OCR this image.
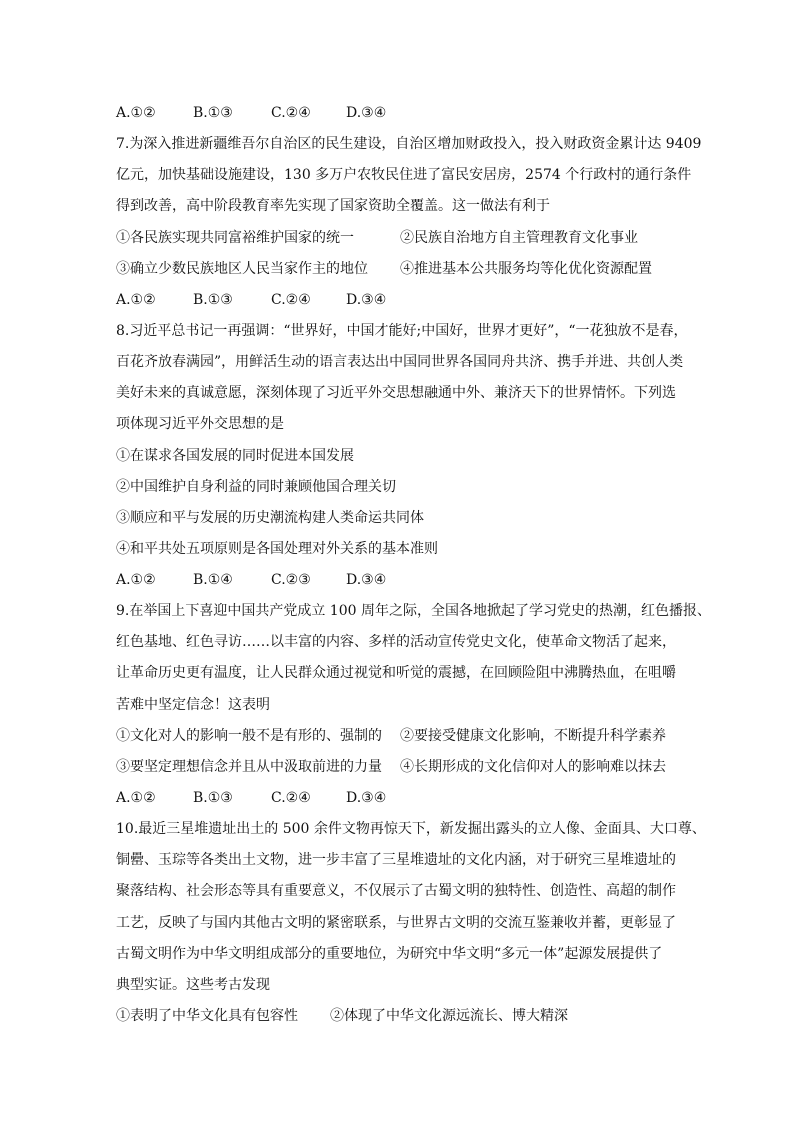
A.①②	B.①③	C.②④	D.③④
7.为深入推进新疆维吾尔自治区的民生建设，自治区增加财政投入，投入财政资金累计达 9409
亿元，加快基础设施建设，130 多万户农牧民住进了富民安居房，2574 个行政村的通行条件
得到改善，高中阶段教育率先实现了国家资助全覆盖。这一做法有利于
①各民族实现共同富裕维护国家的统一	②民族自治地方自主管理教育文化事业
③确立少数民族地区人民当家作主的地位 ④推进基本公共服务均等化优化资源配置
A.①②	B.①③	C.②④	D.③④
8.习近平总书记一再强调：“世界好，中国才能好;中国好，世界才更好”，“一花独放不是春，
百花齐放春满园”，用鲜活生动的语言表达出中国同世界各国同舟共济、携手并进、共创人类
美好未来的真诚意愿，深刻体现了习近平外交思想融通中外、兼济天下的世界情怀。下列选
项体现习近平外交思想的是
①在谋求各国发展的同时促进本国发展
②中国维护自身利益的同时兼顾他国合理关切
③顺应和平与发展的历史潮流构建人类命运共同体
④和平共处五项原则是各国处理对外关系的基本准则
A.①②	B.①④	C.②③	D.③④
9.在举国上下喜迎中国共产党成立 100 周年之际，全国各地掀起了学习党史的热潮，红色播报、
红色基地、红色寻访……以丰富的内容、多样的活动宣传党史文化，使革命文物活了起来，
让革命历史更有温度，让人民群众通过视觉和听觉的震撼，在回顾险阻中沸腾热血，在咀嚼
苦难中坚定信念！这表明
①文化对人的影响一般不是有形的、强制的 ②要接受健康文化影响，不断提升科学素养
③要坚定理想信念并且从中汲取前进的力量 ④长期形成的文化信仰对人的影响难以抹去
A.①②	B.①③	C.②④	D.③④
10.最近三星堆遗址出土的 500 余件文物再惊天下，新发掘出露头的立人像、金面具、大口尊、
铜罍、玉琮等各类出土文物，进一步丰富了三星堆遗址的文化内涵，对于研究三星堆遗址的
聚落结构、社会形态等具有重要意义，不仅展示了古蜀文明的独特性、创造性、高超的制作
工艺，反映了与国内其他古文明的紧密联系，与世界古文明的交流互鉴兼收并蓄，更彰显了
古蜀文明作为中华文明组成部分的重要地位，为研究中华文明“多元一体”起源发展提供了
典型实证。这些考古发现
①表明了中华文化具有包容性 ②体现了中华文化源远流长、博大精深
